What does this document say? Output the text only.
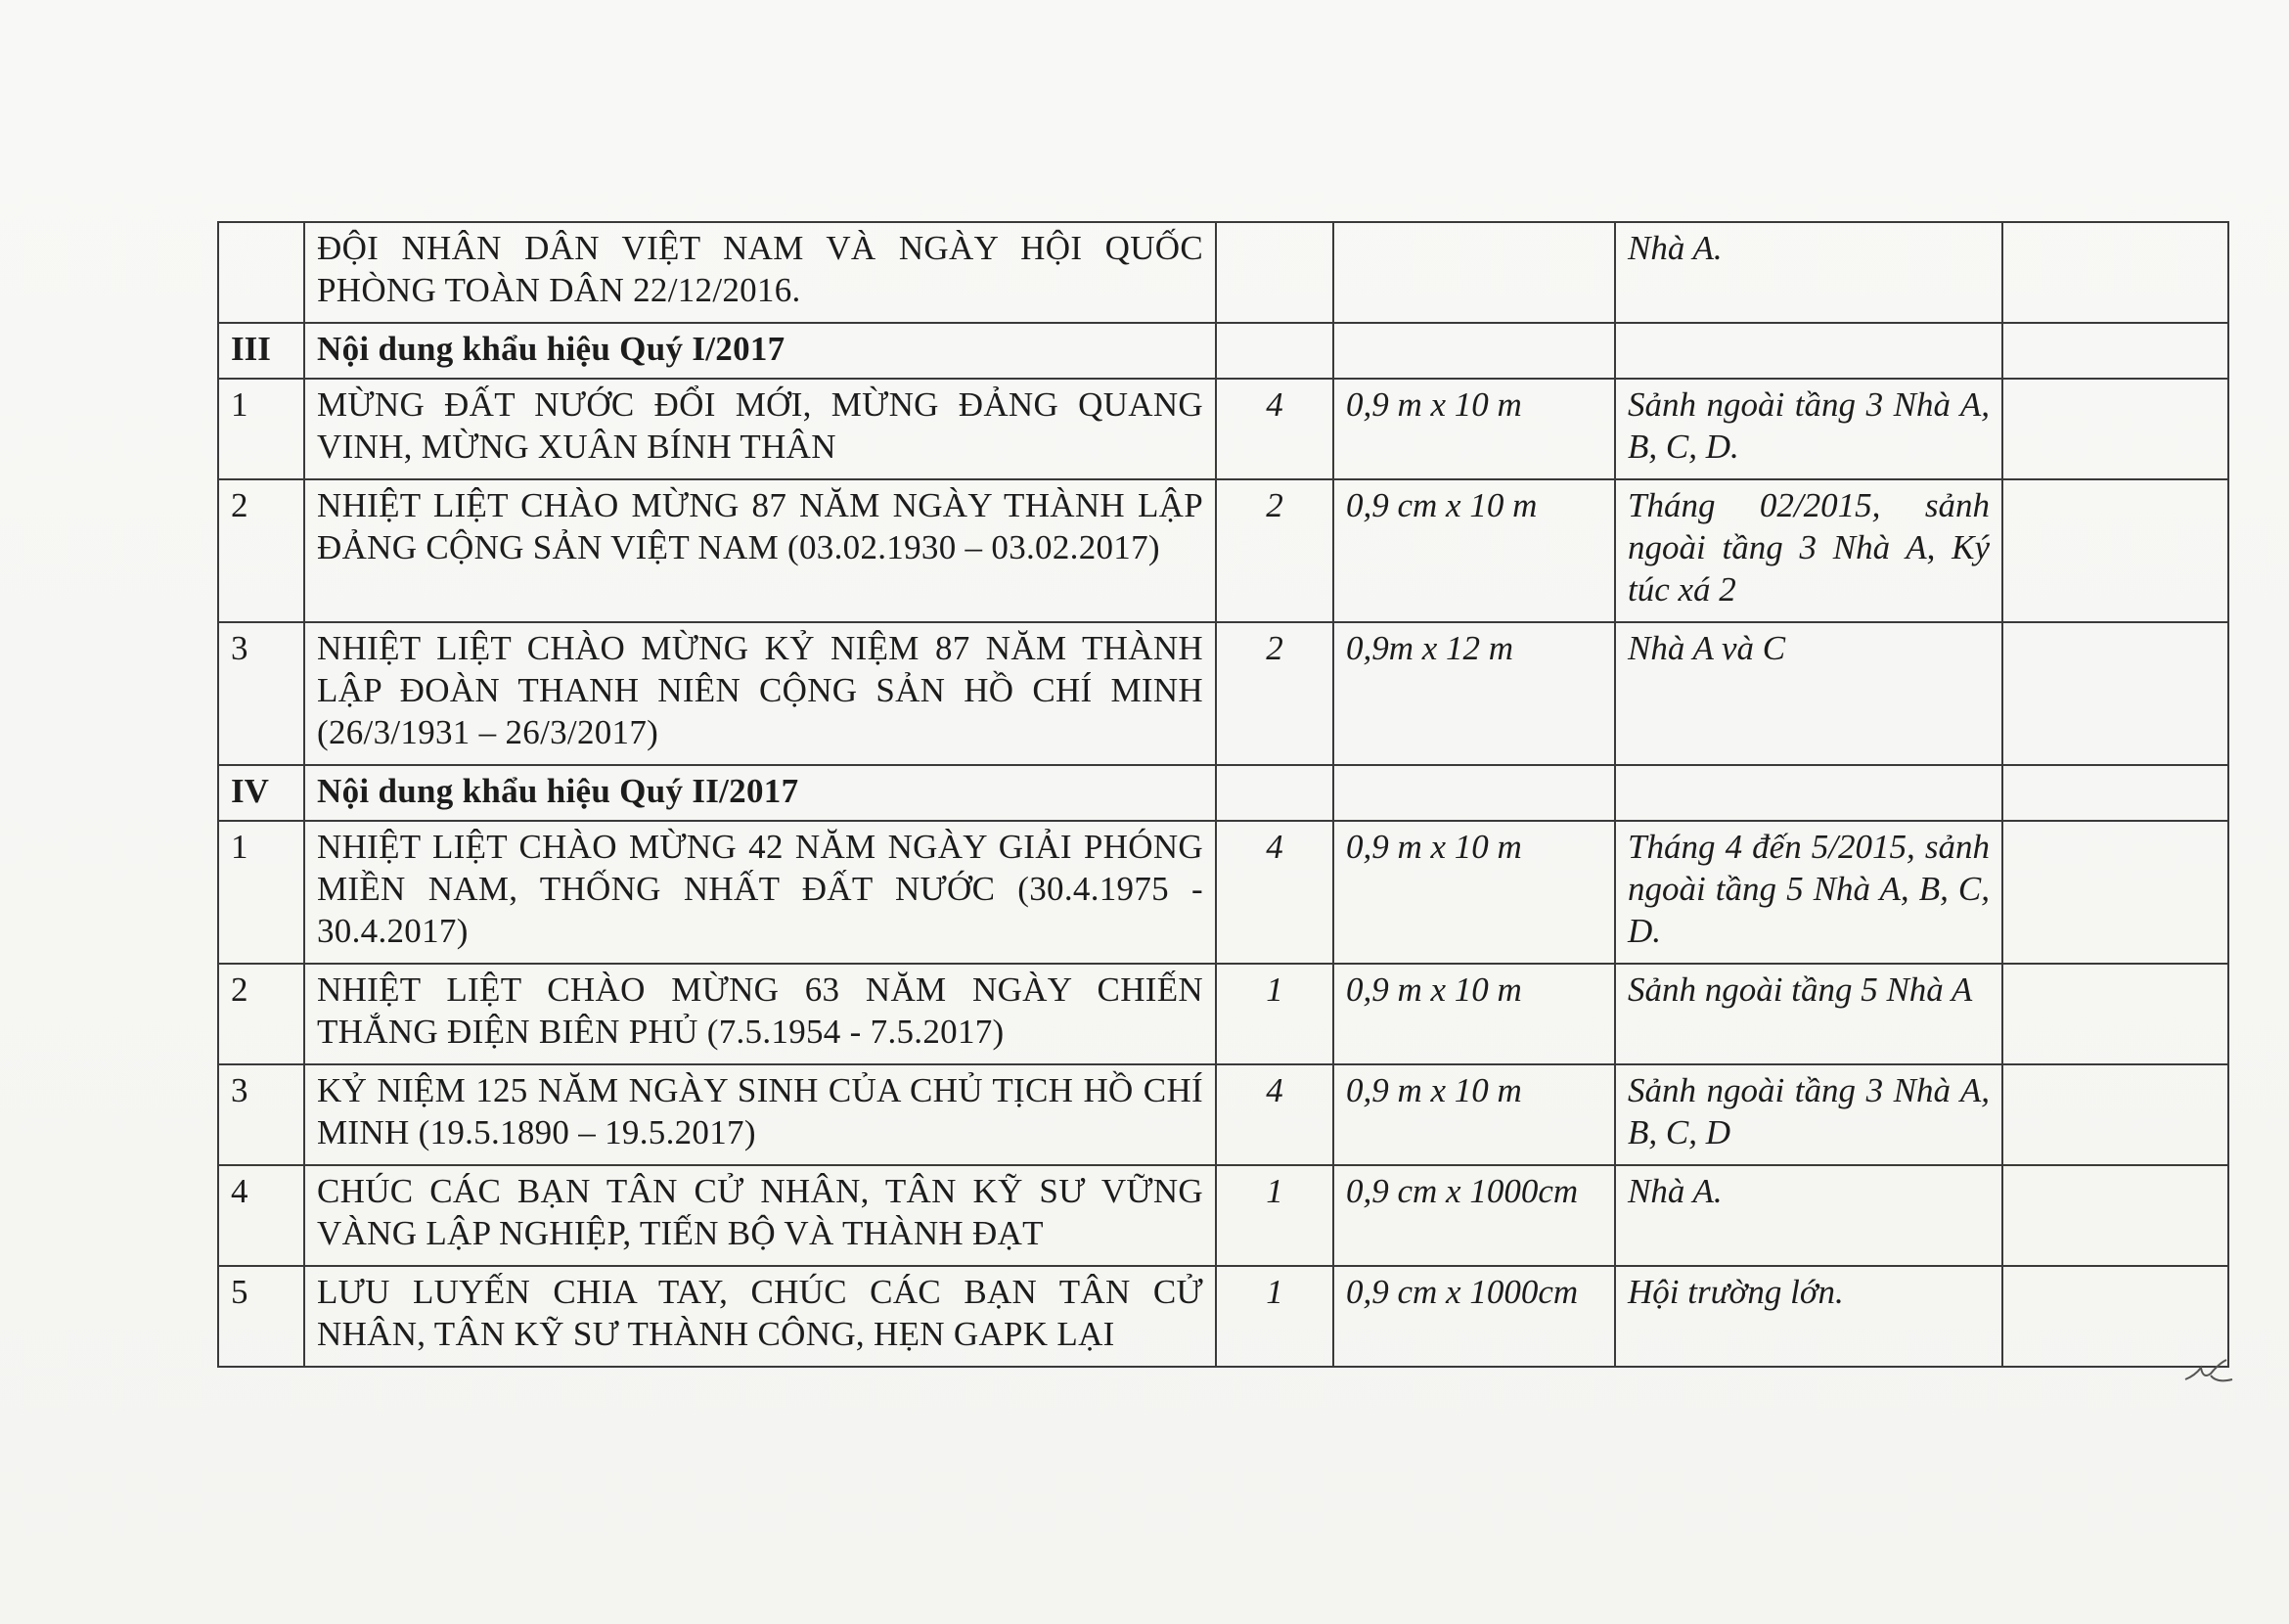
	ĐỘI NHÂN DÂN VIỆT NAM VÀ NGÀY HỘI QUỐC PHÒNG TOÀN DÂN 22/12/2016.			Nhà A.	
III	Nội dung khẩu hiệu Quý I/2017				
1	MỪNG ĐẤT NƯỚC ĐỔI MỚI, MỪNG ĐẢNG QUANG VINH, MỪNG XUÂN BÍNH THÂN	4	0,9 m x 10 m	Sảnh ngoài tầng 3 Nhà A, B, C, D.	
2	NHIỆT LIỆT CHÀO MỪNG 87 NĂM NGÀY THÀNH LẬP ĐẢNG CỘNG SẢN VIỆT NAM (03.02.1930 – 03.02.2017)	2	0,9 cm x 10 m	Tháng 02/2015, sảnh ngoài tầng 3 Nhà A, Ký túc xá 2	
3	NHIỆT LIỆT CHÀO MỪNG KỶ NIỆM 87 NĂM THÀNH LẬP ĐOÀN THANH NIÊN CỘNG SẢN HỒ CHÍ MINH (26/3/1931 – 26/3/2017)	2	0,9m x 12 m	Nhà A và C	
IV	Nội dung khẩu hiệu Quý II/2017				
1	NHIỆT LIỆT CHÀO MỪNG 42 NĂM NGÀY GIẢI PHÓNG MIỀN NAM, THỐNG NHẤT ĐẤT NƯỚC (30.4.1975 - 30.4.2017)	4	0,9 m x 10 m	Tháng 4 đến 5/2015, sảnh ngoài tầng 5 Nhà A, B, C, D.	
2	NHIỆT LIỆT CHÀO MỪNG 63 NĂM NGÀY CHIẾN THẮNG ĐIỆN BIÊN PHỦ (7.5.1954 - 7.5.2017)	1	0,9 m x 10 m	Sảnh ngoài tầng 5 Nhà A	
3	KỶ NIỆM 125 NĂM NGÀY SINH CỦA CHỦ TỊCH HỒ CHÍ MINH (19.5.1890 – 19.5.2017)	4	0,9 m x 10 m	Sảnh ngoài tầng 3 Nhà A, B, C, D	
4	CHÚC CÁC BẠN TÂN CỬ NHÂN, TÂN KỸ SƯ VỮNG VÀNG LẬP NGHIỆP, TIẾN BỘ VÀ THÀNH ĐẠT	1	0,9 cm x 1000cm	Nhà A.	
5	LƯU LUYẾN CHIA TAY, CHÚC CÁC BẠN TÂN CỬ NHÂN, TÂN KỸ SƯ THÀNH CÔNG, HẸN GAPK LẠI	1	0,9 cm x 1000cm	Hội trường lớn.	
